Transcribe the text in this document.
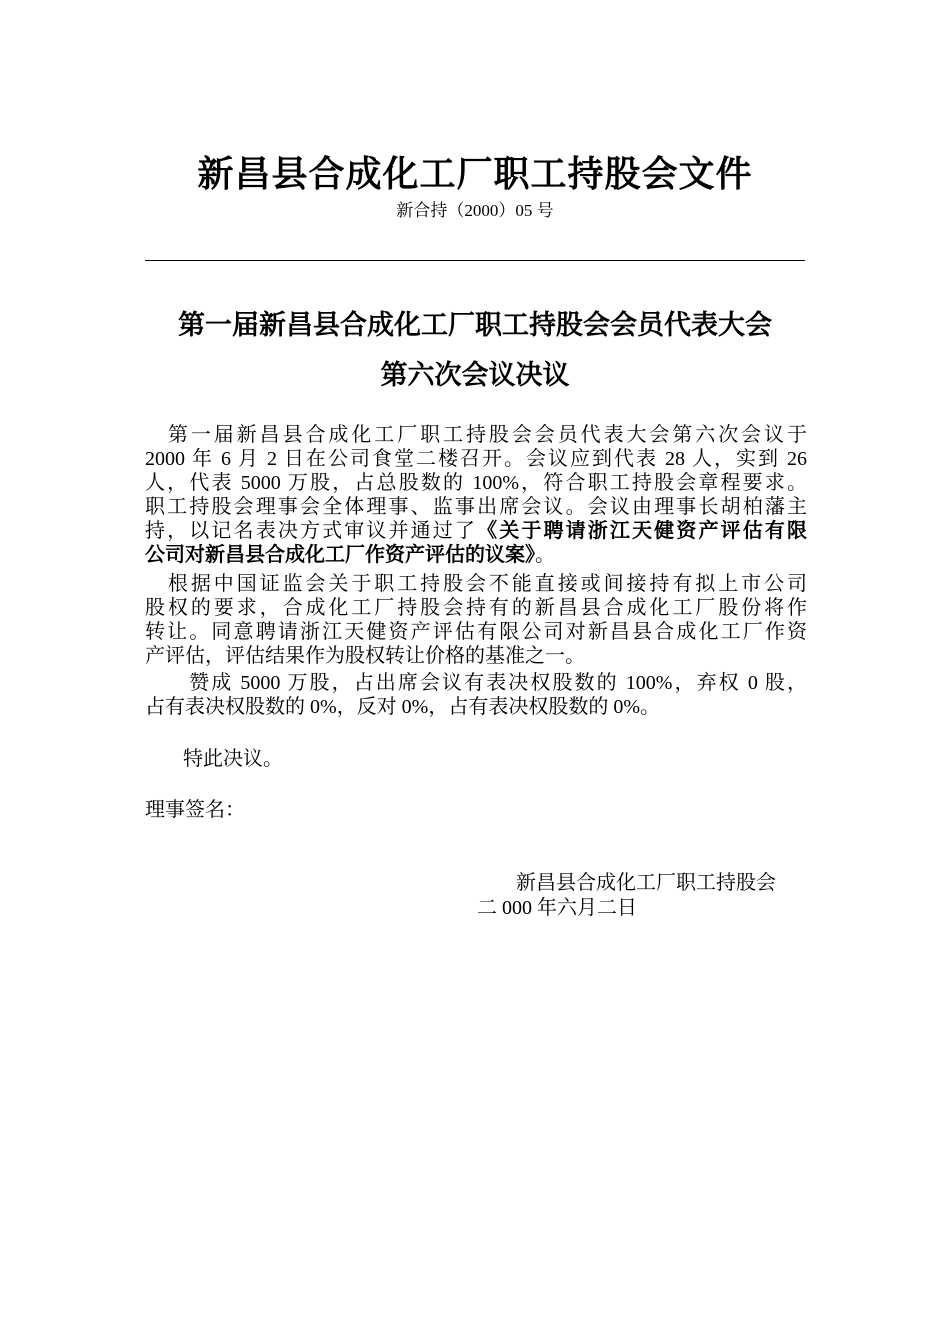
新昌县合成化工厂职工持股会文件
新合持（2000）05 号
第一届新昌县合成化工厂职工持股会会员代表大会
第六次会议决议
　第一届新昌县合成化工厂职工持股会会员代表大会第六次会议于
2000 年 6 月 2 日在公司食堂二楼召开。会议应到代表 28 人，实到 26
人，代表 5000 万股，占总股数的 100%，符合职工持股会章程要求。
职工持股会理事会全体理事、监事出席会议。会议由理事长胡柏藩主
持，以记名表决方式审议并通过了《关于聘请浙江天健资产评估有限
公司对新昌县合成化工厂作资产评估的议案》。
　根据中国证监会关于职工持股会不能直接或间接持有拟上市公司
股权的要求，合成化工厂持股会持有的新昌县合成化工厂股份将作
转让。同意聘请浙江天健资产评估有限公司对新昌县合成化工厂作资
产评估，评估结果作为股权转让价格的基准之一。
　　赞成 5000 万股，占出席会议有表决权股数的 100%，弃权 0 股，
占有表决权股数的 0%，反对 0%，占有表决权股数的 0%。
特此决议。
理事签名：
新昌县合成化工厂职工持股会
二 000 年六月二日
